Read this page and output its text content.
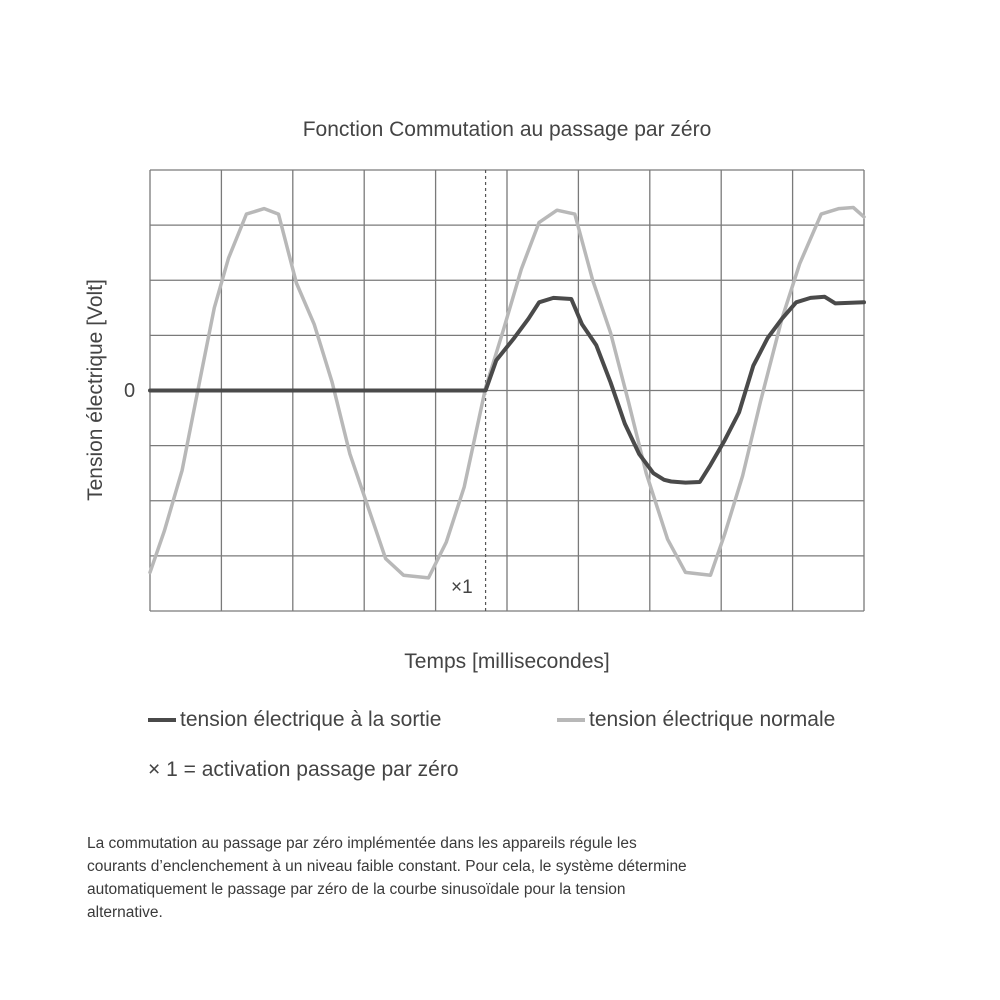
Fonction Commutation au passage par zéro
Tension électrique [Volt] 0
×1
Temps [millisecondes]
tension électrique à la sortie	tension électrique normale
× 1 = activation passage par zéro
La commutation au passage par zéro implémentée dans les appareils régule les courants d’enclenchement à un niveau faible constant. Pour cela, le système détermine automatiquement le passage par zéro de la courbe sinusoïdale pour la tension alternative.
